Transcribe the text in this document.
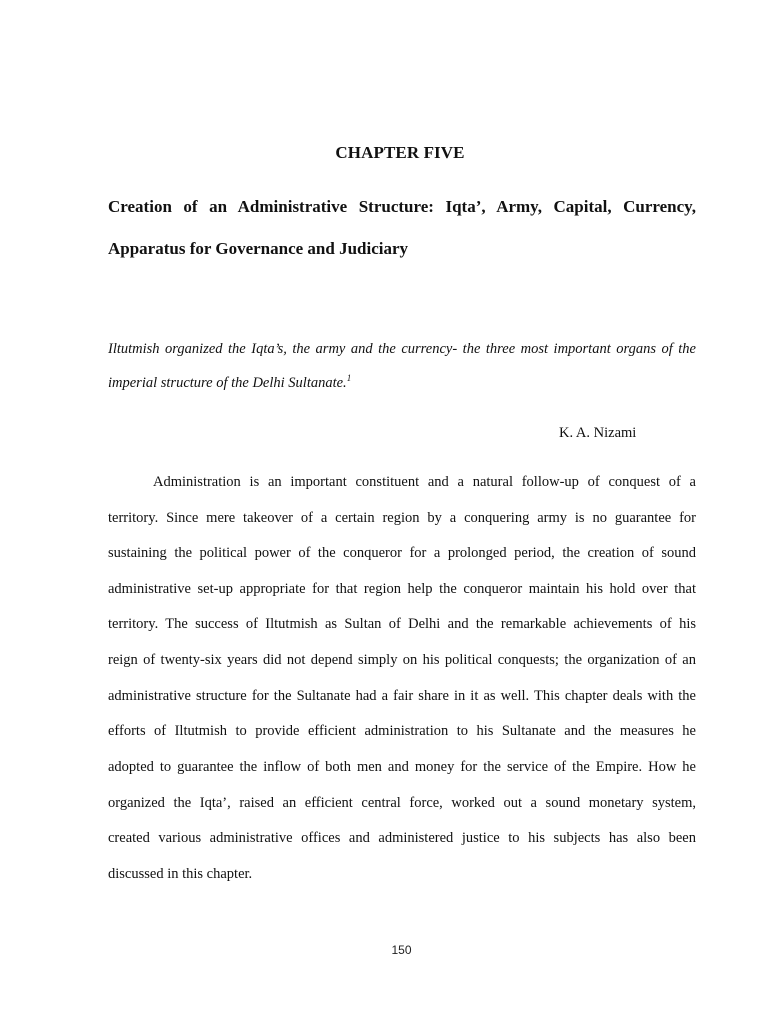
CHAPTER FIVE

Creation of an Administrative Structure: Iqta’, Army, Capital, Currency,

Apparatus for Governance and Judiciary

Iltutmish organized the Iqta’s, the army and the currency- the three most important organs of the
imperial structure of the Delhi Sultanate.$^1$
K. A. Nizami
Administration is an important constituent and a natural follow-up of conquest of a
territory. Since mere takeover of a certain region by a conquering army is no guarantee for
sustaining the political power of the conqueror for a prolonged period, the creation of sound
administrative set-up appropriate for that region help the conqueror maintain his hold over that
territory. The success of Iltutmish as Sultan of Delhi and the remarkable achievements of his
reign of twenty-six years did not depend simply on his political conquests; the organization of an
administrative structure for the Sultanate had a fair share in it as well. This chapter deals with the
efforts of Iltutmish to provide efficient administration to his Sultanate and the measures he
adopted to guarantee the inflow of both men and money for the service of the Empire. How he
organized the Iqta’, raised an efficient central force, worked out a sound monetary system,
created various administrative offices and administered justice to his subjects has also been
discussed in this chapter.
150
